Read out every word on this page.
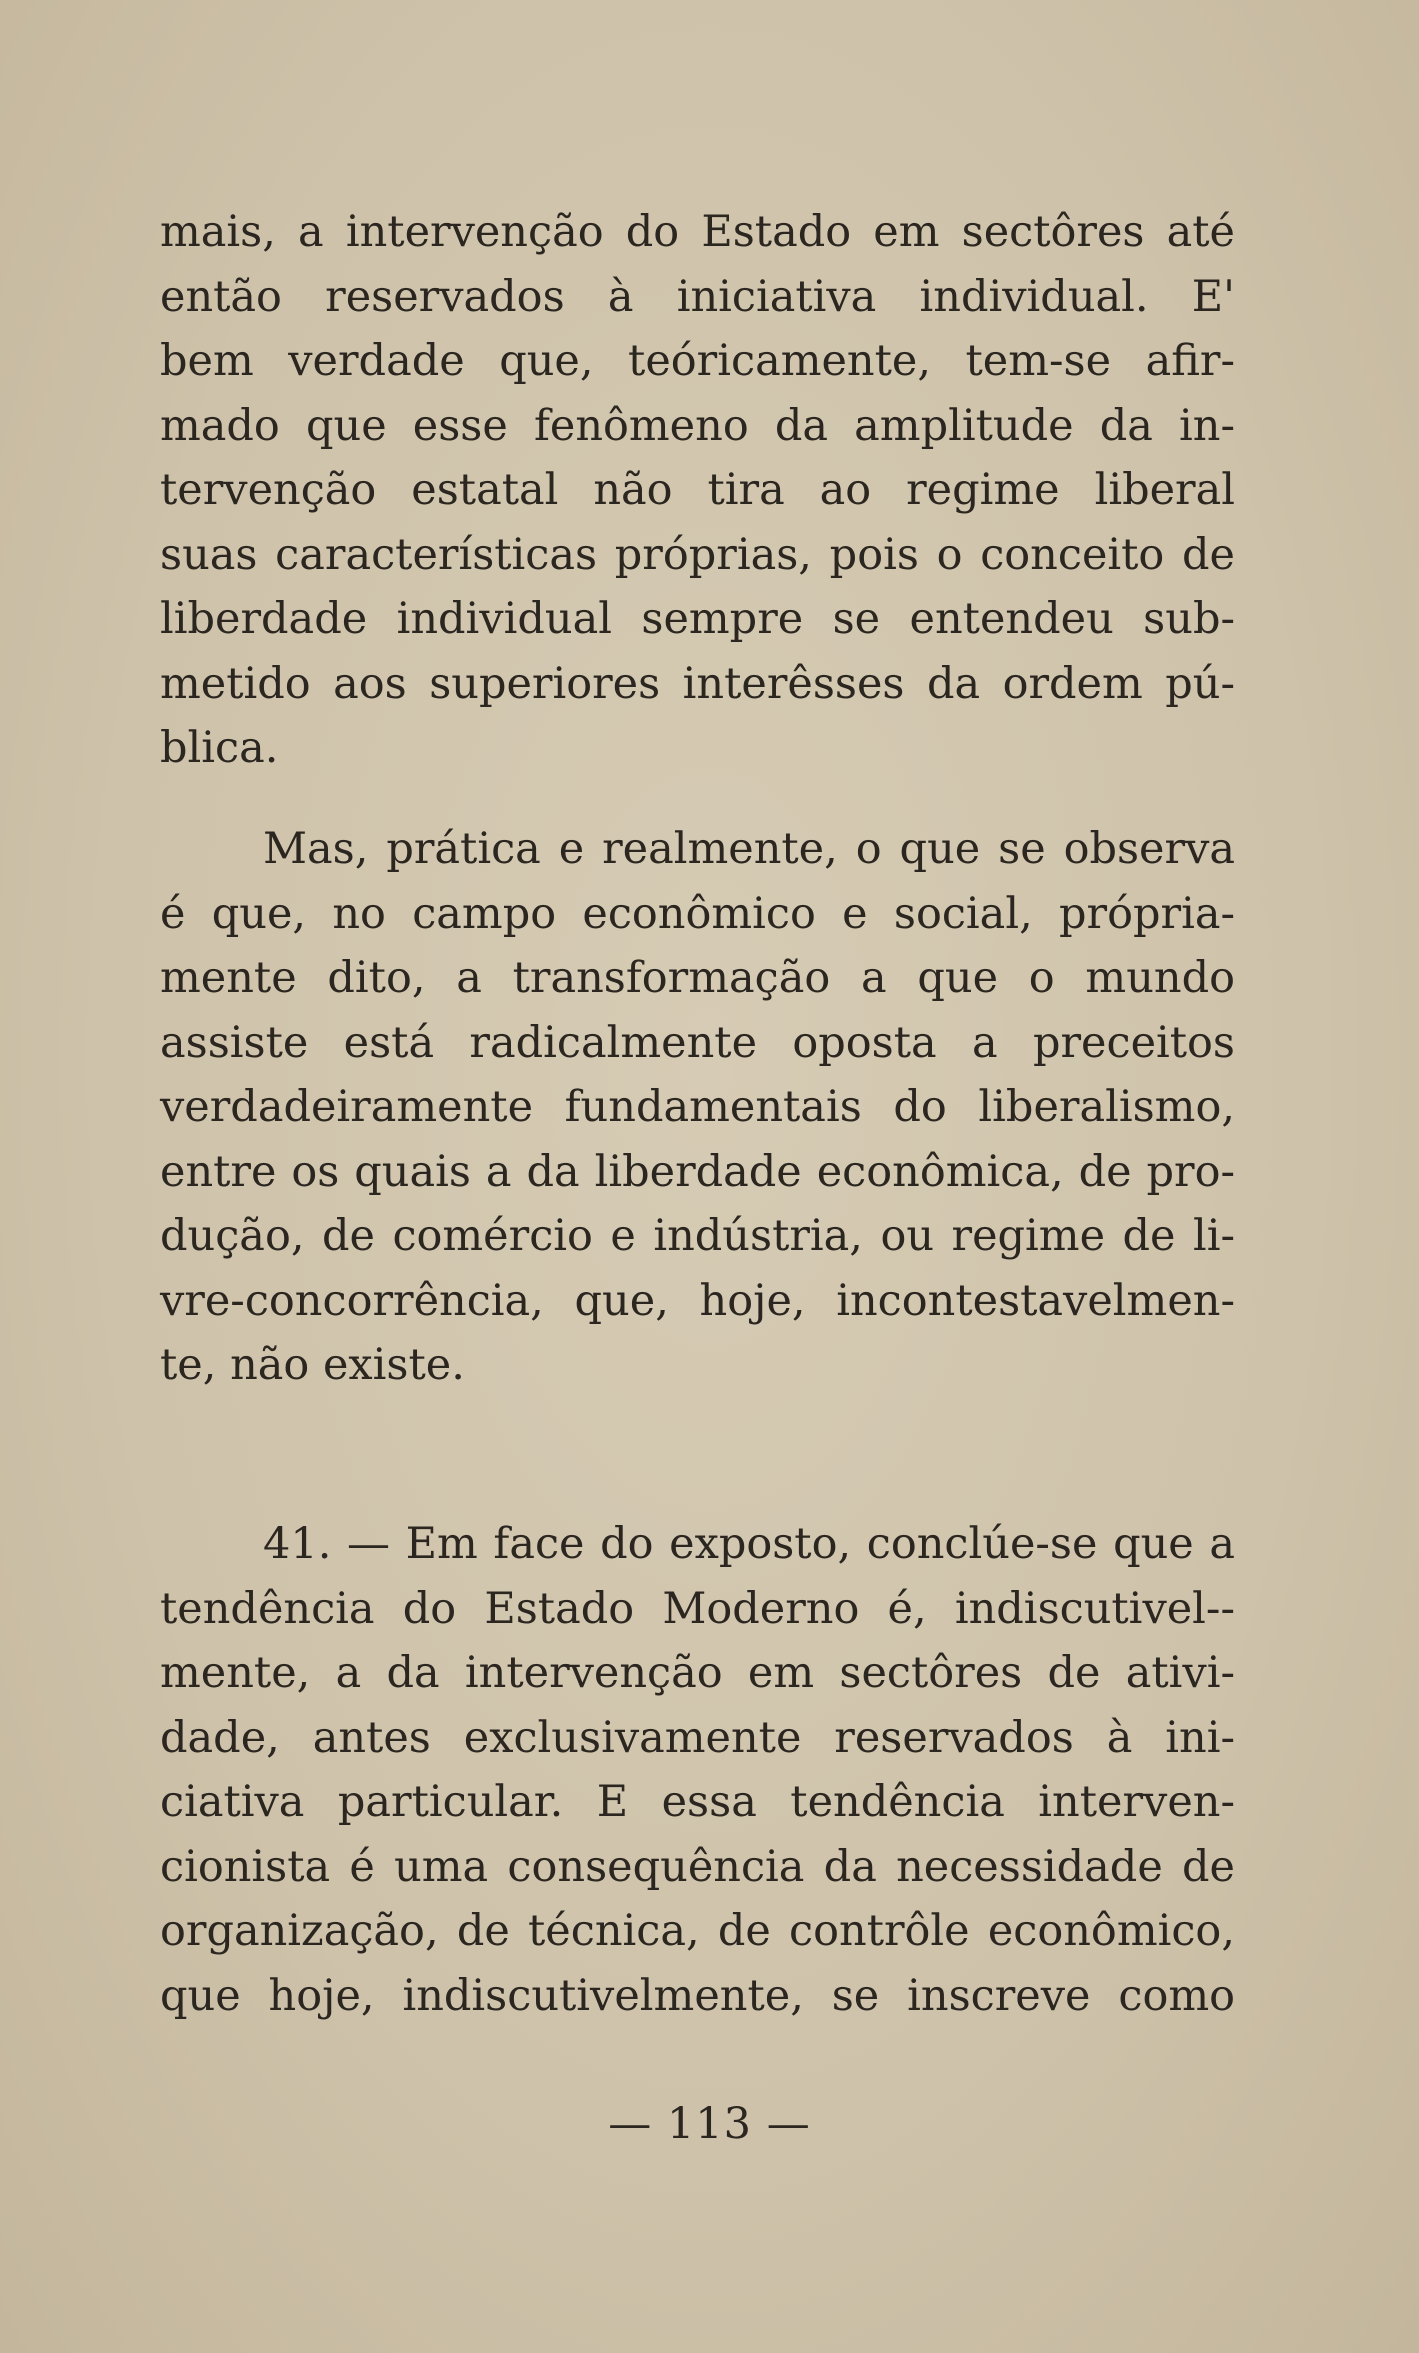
mais, a intervenção do Estado em sectôres até
então reservados à iniciativa individual. E'
bem verdade que, teóricamente, tem-se afir-
mado que esse fenômeno da amplitude da in-
tervenção estatal não tira ao regime liberal
suas características próprias, pois o conceito de
liberdade individual sempre se entendeu sub-
metido aos superiores interêsses da ordem pú-
blica.
Mas, prática e realmente, o que se observa
é que, no campo econômico e social, própria-
mente dito, a transformação a que o mundo
assiste está radicalmente oposta a preceitos
verdadeiramente fundamentais do liberalismo,
entre os quais a da liberdade econômica, de pro-
dução, de comércio e indústria, ou regime de li-
vre-concorrência, que, hoje, incontestavelmen-
te, não existe.
41. — Em face do exposto, conclúe-se que a
tendência do Estado Moderno é, indiscutivel--
mente, a da intervenção em sectôres de ativi-
dade, antes exclusivamente reservados à ini-
ciativa particular. E essa tendência interven-
cionista é uma consequência da necessidade de
organização, de técnica, de contrôle econômico,
que hoje, indiscutivelmente, se inscreve como
— 113 —
